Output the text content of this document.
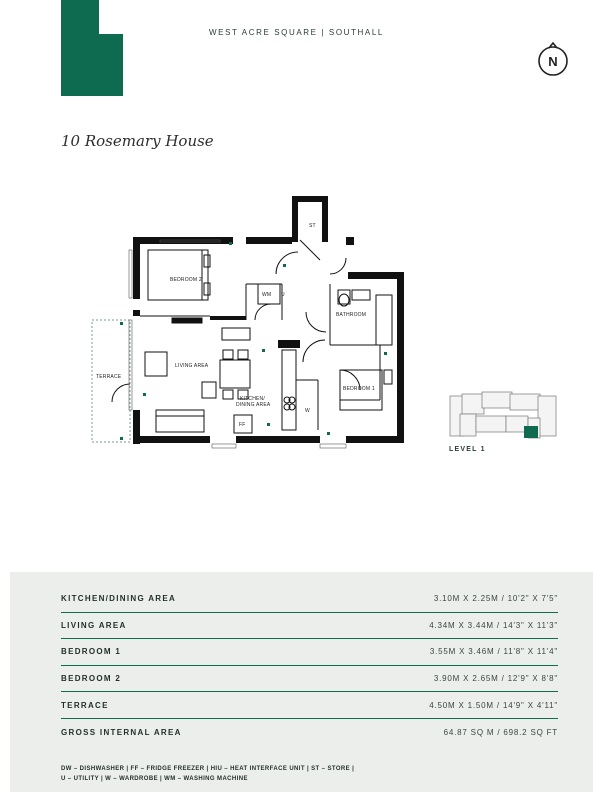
WEST ACRE SQUARE | SOUTHALL
N
10 Rosemary House
BEDROOM 2
WM U
ST
BATHROOM
LIVING AREA
TERRACE
KITCHEN/
DINING AREA
BEDROOM 1
FF
W
LEVEL 1
KITCHEN/DINING AREA	3.10M X 2.25M / 10'2" X 7'5"
LIVING AREA	4.34M X 3.44M / 14'3" X 11'3"
BEDROOM 1	3.55M X 3.46M / 11'8" X 11'4"
BEDROOM 2	3.90M X 2.65M / 12'9" X 8'8"
TERRACE	4.50M X 1.50M / 14'9" X 4'11"
GROSS INTERNAL AREA	64.87 SQ M / 698.2 SQ FT
DW – DISHWASHER | FF – FRIDGE FREEZER | HIU – HEAT INTERFACE UNIT | ST – STORE |
U – UTILITY | W – WARDROBE | WM – WASHING MACHINE
